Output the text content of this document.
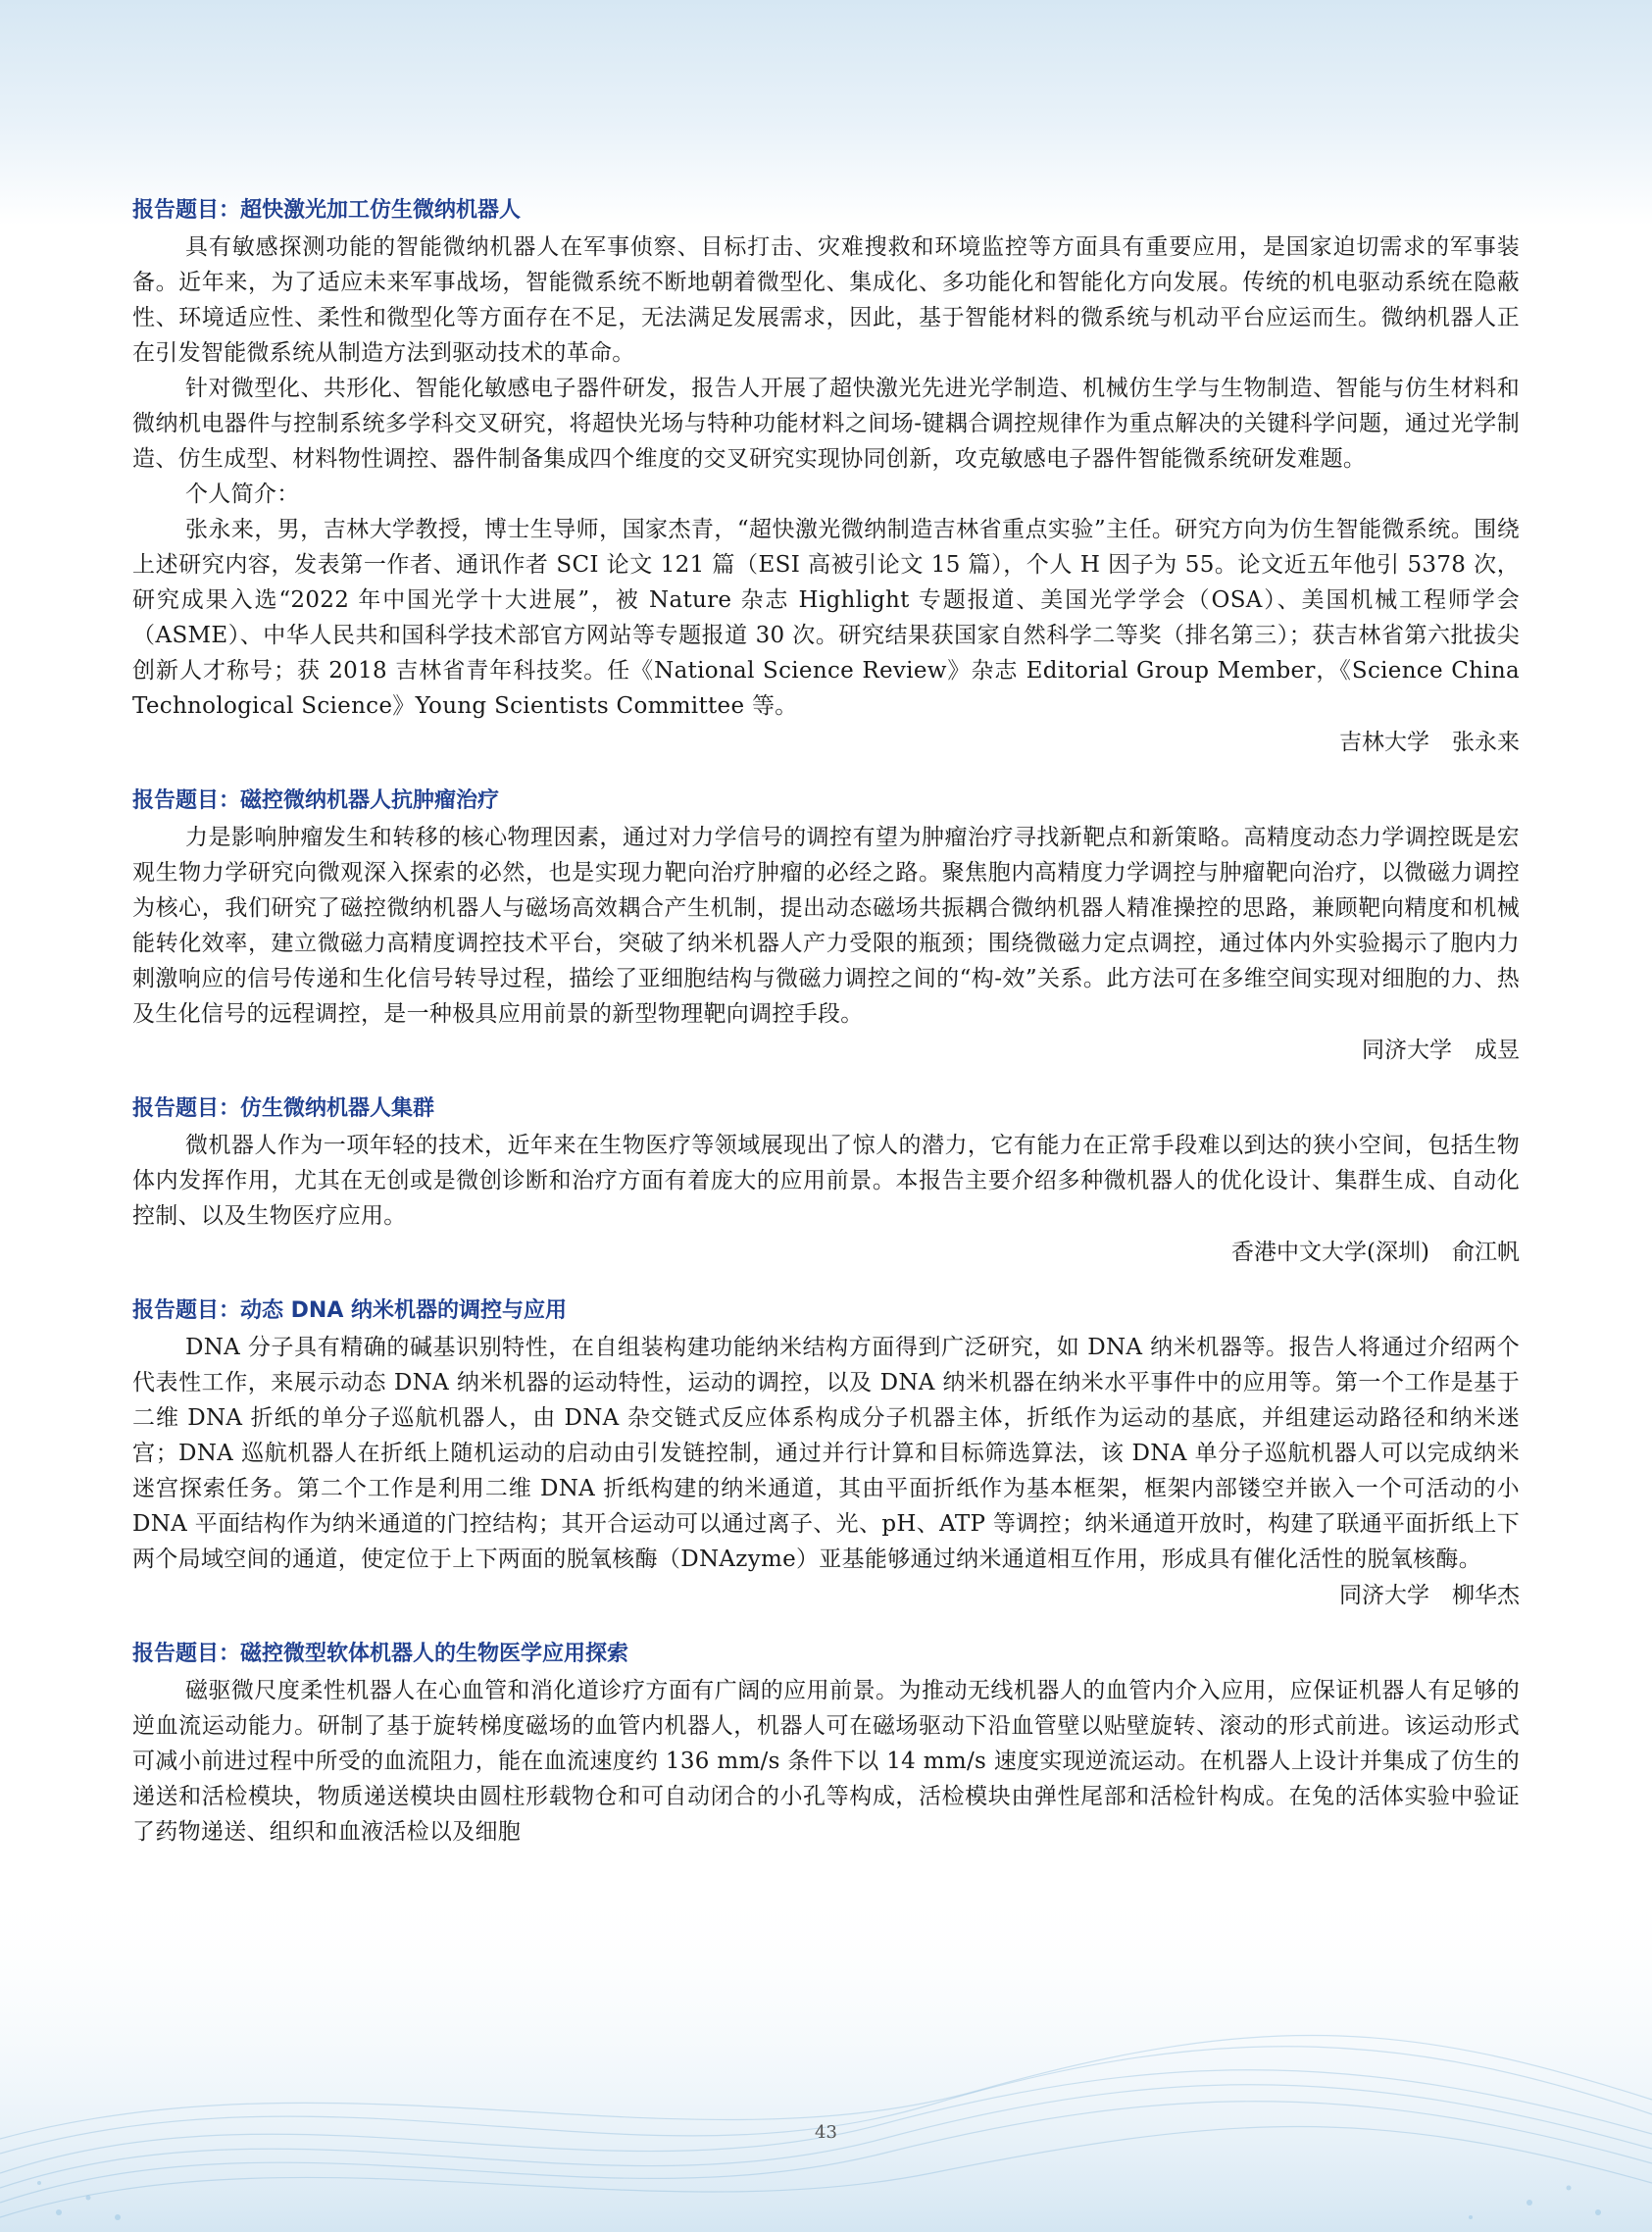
报告题目：超快激光加工仿生微纳机器人

具有敏感探测功能的智能微纳机器人在军事侦察、目标打击、灾难搜救和环境监控等方面具有重要应用，是国家迫切需求的军事装备。近年来，为了适应未来军事战场，智能微系统不断地朝着微型化、集成化、多功能化和智能化方向发展。传统的机电驱动系统在隐蔽性、环境适应性、柔性和微型化等方面存在不足，无法满足发展需求，因此，基于智能材料的微系统与机动平台应运而生。微纳机器人正在引发智能微系统从制造方法到驱动技术的革命。

针对微型化、共形化、智能化敏感电子器件研发，报告人开展了超快激光先进光学制造、机械仿生学与生物制造、智能与仿生材料和微纳机电器件与控制系统多学科交叉研究，将超快光场与特种功能材料之间场-键耦合调控规律作为重点解决的关键科学问题，通过光学制造、仿生成型、材料物性调控、器件制备集成四个维度的交叉研究实现协同创新，攻克敏感电子器件智能微系统研发难题。

个人简介：

张永来，男，吉林大学教授，博士生导师，国家杰青，“超快激光微纳制造吉林省重点实验”主任。研究方向为仿生智能微系统。围绕上述研究内容，发表第一作者、通讯作者 SCI 论文 121 篇（ESI 高被引论文 15 篇），个人 H 因子为 55。论文近五年他引 5378 次，研究成果入选“2022 年中国光学十大进展”，被 Nature 杂志 Highlight 专题报道、美国光学学会（OSA）、美国机械工程师学会（ASME）、中华人民共和国科学技术部官方网站等专题报道 30 次。研究结果获国家自然科学二等奖（排名第三）；获吉林省第六批拔尖创新人才称号；获 2018 吉林省青年科技奖。任《National Science Review》杂志 Editorial Group Member，《Science China Technological Science》Young Scientists Committee 等。

吉林大学　张永来

报告题目：磁控微纳机器人抗肿瘤治疗

力是影响肿瘤发生和转移的核心物理因素，通过对力学信号的调控有望为肿瘤治疗寻找新靶点和新策略。高精度动态力学调控既是宏观生物力学研究向微观深入探索的必然，也是实现力靶向治疗肿瘤的必经之路。聚焦胞内高精度力学调控与肿瘤靶向治疗，以微磁力调控为核心，我们研究了磁控微纳机器人与磁场高效耦合产生机制，提出动态磁场共振耦合微纳机器人精准操控的思路，兼顾靶向精度和机械能转化效率，建立微磁力高精度调控技术平台，突破了纳米机器人产力受限的瓶颈；围绕微磁力定点调控，通过体内外实验揭示了胞内力刺激响应的信号传递和生化信号转导过程，描绘了亚细胞结构与微磁力调控之间的“构-效”关系。此方法可在多维空间实现对细胞的力、热及生化信号的远程调控，是一种极具应用前景的新型物理靶向调控手段。

同济大学　成昱

报告题目：仿生微纳机器人集群

微机器人作为一项年轻的技术，近年来在生物医疗等领域展现出了惊人的潜力，它有能力在正常手段难以到达的狭小空间，包括生物体内发挥作用，尤其在无创或是微创诊断和治疗方面有着庞大的应用前景。本报告主要介绍多种微机器人的优化设计、集群生成、自动化控制、以及生物医疗应用。

香港中文大学(深圳)　俞江帆

报告题目：动态 DNA 纳米机器的调控与应用

DNA 分子具有精确的碱基识别特性，在自组装构建功能纳米结构方面得到广泛研究，如 DNA 纳米机器等。报告人将通过介绍两个代表性工作，来展示动态 DNA 纳米机器的运动特性，运动的调控，以及 DNA 纳米机器在纳米水平事件中的应用等。第一个工作是基于二维 DNA 折纸的单分子巡航机器人，由 DNA 杂交链式反应体系构成分子机器主体，折纸作为运动的基底，并组建运动路径和纳米迷宫；DNA 巡航机器人在折纸上随机运动的启动由引发链控制，通过并行计算和目标筛选算法，该 DNA 单分子巡航机器人可以完成纳米迷宫探索任务。第二个工作是利用二维 DNA 折纸构建的纳米通道，其由平面折纸作为基本框架，框架内部镂空并嵌入一个可活动的小 DNA 平面结构作为纳米通道的门控结构；其开合运动可以通过离子、光、pH、ATP 等调控；纳米通道开放时，构建了联通平面折纸上下两个局域空间的通道，使定位于上下两面的脱氧核酶（DNAzyme）亚基能够通过纳米通道相互作用，形成具有催化活性的脱氧核酶。

同济大学　柳华杰

报告题目：磁控微型软体机器人的生物医学应用探索

磁驱微尺度柔性机器人在心血管和消化道诊疗方面有广阔的应用前景。为推动无线机器人的血管内介入应用，应保证机器人有足够的逆血流运动能力。研制了基于旋转梯度磁场的血管内机器人，机器人可在磁场驱动下沿血管壁以贴壁旋转、滚动的形式前进。该运动形式可减小前进过程中所受的血流阻力，能在血流速度约 136 mm/s 条件下以 14 mm/s 速度实现逆流运动。在机器人上设计并集成了仿生的递送和活检模块，物质递送模块由圆柱形载物仓和可自动闭合的小孔等构成，活检模块由弹性尾部和活检针构成。在兔的活体实验中验证了药物递送、组织和血液活检以及细胞

43
